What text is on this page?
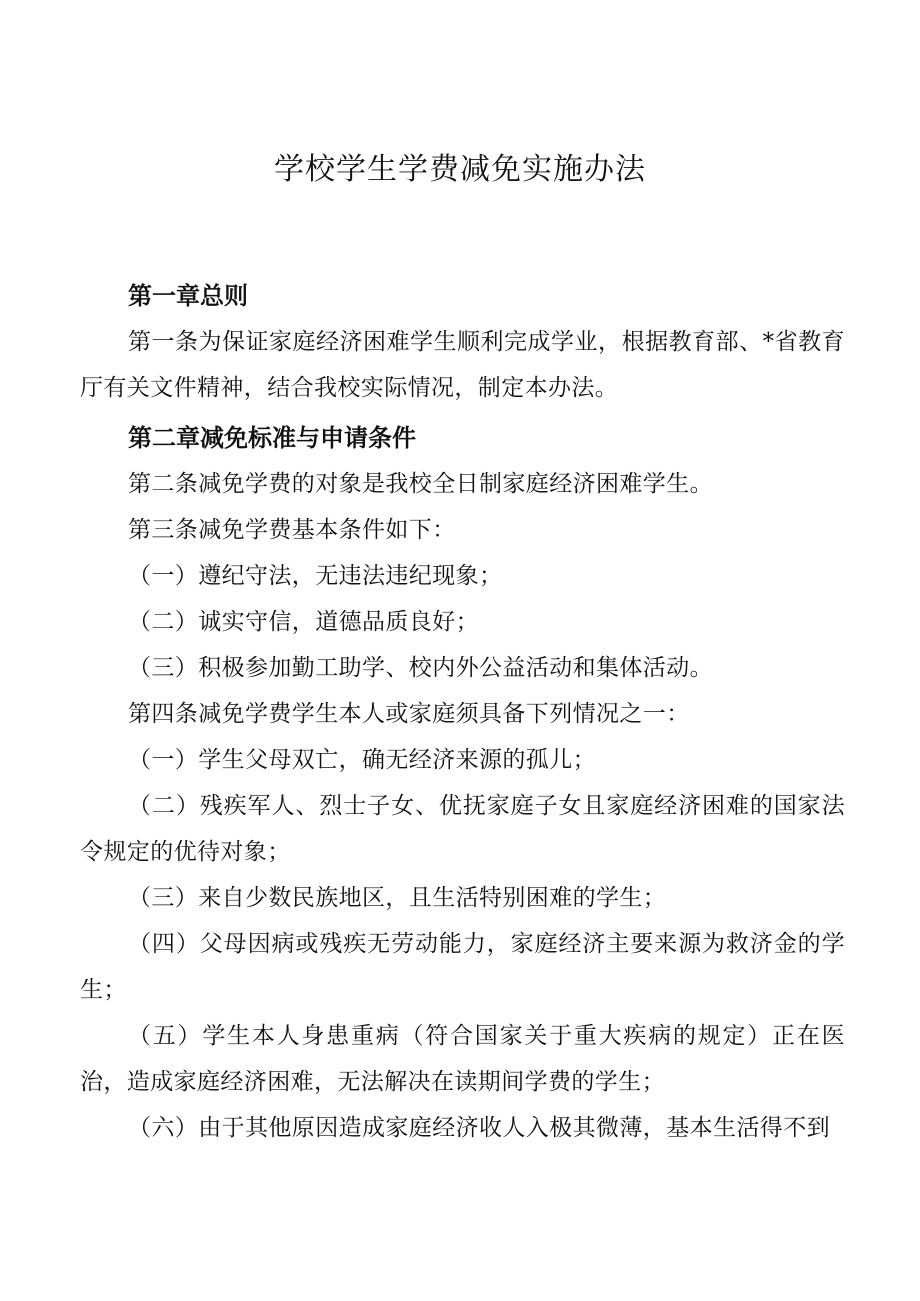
学校学生学费减免实施办法
第一章总则

第一条为保证家庭经济困难学生顺利完成学业，根据教育部、*省教育厅有关文件精神，结合我校实际情况，制定本办法。

第二章减免标准与申请条件

第二条减免学费的对象是我校全日制家庭经济困难学生。

第三条减免学费基本条件如下：

（一）遵纪守法，无违法违纪现象；

（二）诚实守信，道德品质良好；

（三）积极参加勤工助学、校内外公益活动和集体活动。

第四条减免学费学生本人或家庭须具备下列情况之一：

（一）学生父母双亡，确无经济来源的孤儿；

（二）残疾军人、烈士子女、优抚家庭子女且家庭经济困难的国家法令规定的优待对象；

（三）来自少数民族地区，且生活特别困难的学生；

（四）父母因病或残疾无劳动能力，家庭经济主要来源为救济金的学生；

（五）学生本人身患重病（符合国家关于重大疾病的规定）正在医治，造成家庭经济困难，无法解决在读期间学费的学生；

（六）由于其他原因造成家庭经济收人入极其微薄，基本生活得不到
